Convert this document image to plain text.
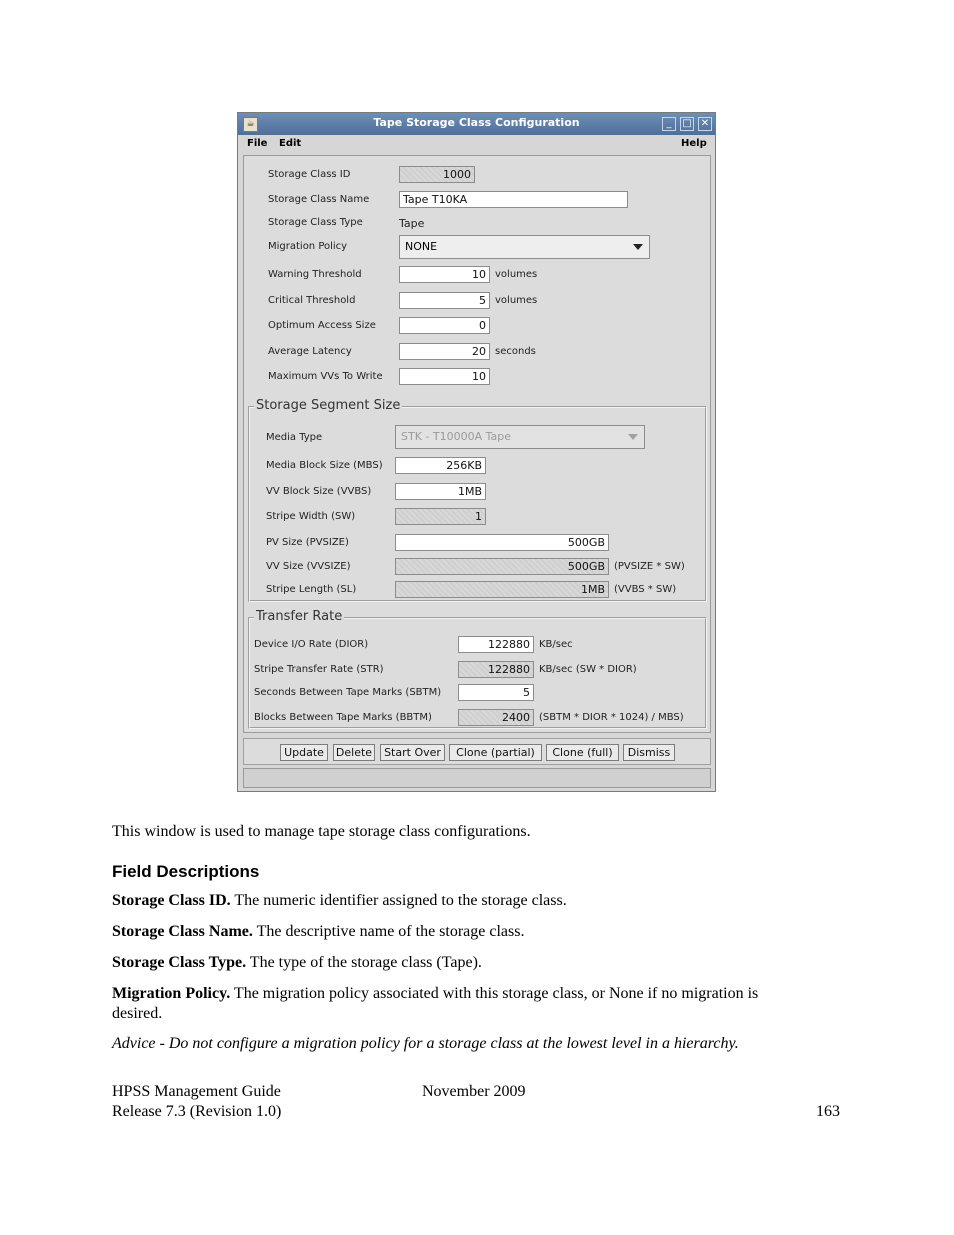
☕	Tape Storage Class Configuration	_	□ ✕
File Edit	Help
Storage Class ID	1000
Storage Class Name	Tape T10KA
Storage Class Type	Tape
Migration Policy	NONE
Warning Threshold	10 volumes
Critical Threshold	5 volumes
Optimum Access Size	0
Average Latency	20 seconds
Maximum VVs To Write	10
Storage Segment Size
Media Type	STK - T10000A Tape
Media Block Size (MBS)	256KB
VV Block Size (VVBS)	1MB
Stripe Width (SW)	1
PV Size (PVSIZE)	500GB
VV Size (VVSIZE)	500GB (PVSIZE * SW)
Stripe Length (SL)	1MB (VVBS * SW)
Transfer Rate
Device I/O Rate (DIOR)	122880 KB/sec
Stripe Transfer Rate (STR)	122880 KB/sec (SW * DIOR)
Seconds Between Tape Marks (SBTM)	5
Blocks Between Tape Marks (BBTM)	2400 (SBTM * DIOR * 1024) / MBS)
Update	Delete	Start Over	Clone (partial)	Clone (full)	Dismiss
This window is used to manage tape storage class configurations.
Field Descriptions
Storage Class ID. The numeric identifier assigned to the storage class.
Storage Class Name. The descriptive name of the storage class.
Storage Class Type. The type of the storage class (Tape).
Migration Policy. The migration policy associated with this storage class, or None if no migration is
desired.
Advice - Do not configure a migration policy for a storage class at the lowest level in a hierarchy.
HPSS Management Guide	November 2009
Release 7.3 (Revision 1.0)	163
